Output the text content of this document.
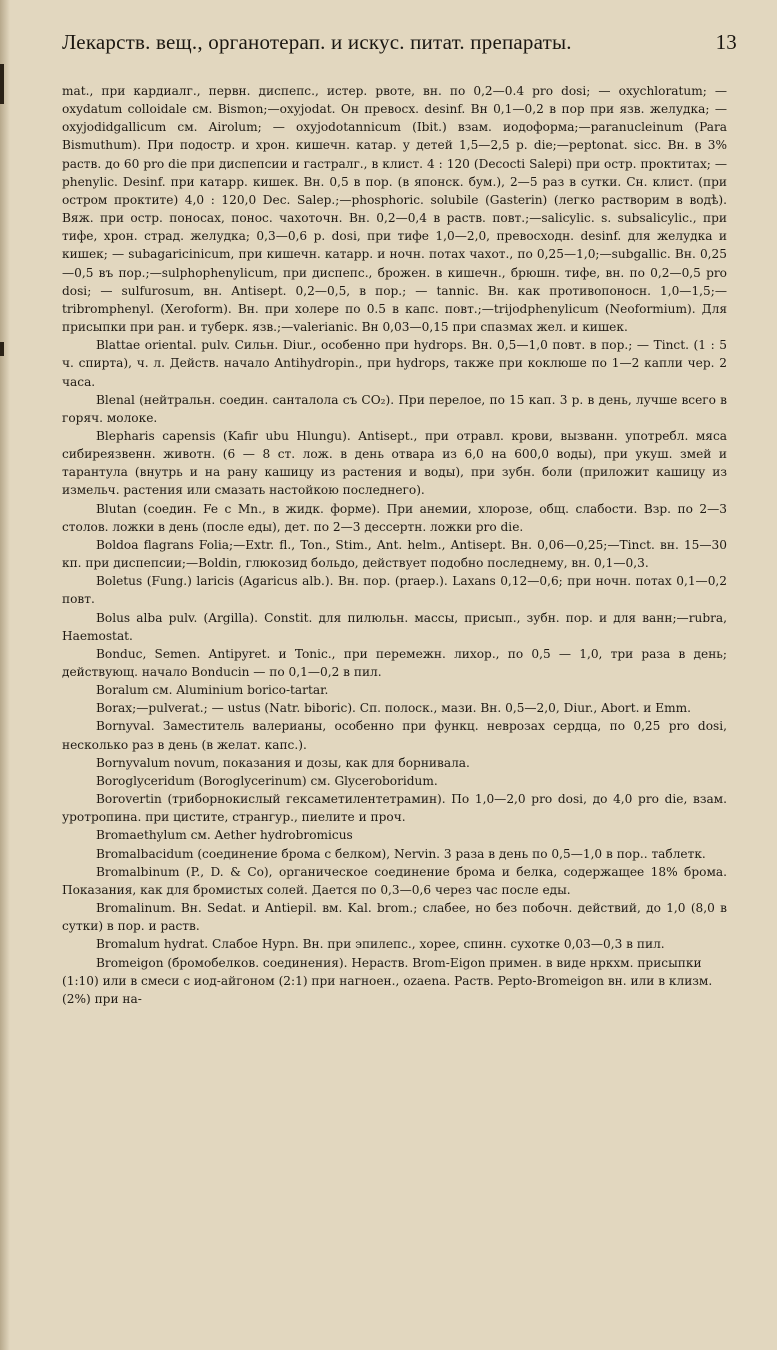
Лекарств. вещ., органотерап. и искус. питат. препараты.	13

mat., при кардиалг., первн. диспепс., истер. рвоте, вн. по 0,2—0.4 pro dosi; — oxychloratum; — oxydatum colloidale см. Bismon;—oxyjodat. Он превосх. desinf. Вн 0,1—0,2 в пор при язв. желудка; — oxyjodidgallicum см. Airolum; — oxyjodotannicum (Ibit.) взам. иодоформа;—paranucleinum (Para Bismuthum). При подостр. и хрон. кишечн. катар. у детей 1,5—2,5 р. die;—peptonat. sicc. Вн. в 3% раств. до 60 pro die при диспепсии и гастралг., в клист. 4 : 120 (Decocti Salepi) при остр. проктитах; — phenylic. Desinf. при катарр. кишек. Вн. 0,5 в пор. (в японск. бум.), 2—5 раз в сутки. Сн. клист. (при остром проктите) 4,0 : 120,0 Dec. Salep.;—phosphoric. solubile (Gasterin) (легко растворим в водѣ). Вяж. при остр. поносах, понос. чахоточн. Вн. 0,2—0,4 в раств. повт.;—salicylic. s. subsalicylic., при тифе, хрон. страд. желудка; 0,3—0,6 р. dosi, при тифе 1,0—2,0, превосходн. desinf. для желудка и кишек; — subagaricinicum, при кишечн. катарр. и ночн. потах чахот., по 0,25—1,0;—subgallic. Вн. 0,25—0,5 въ пор.;—sulphophenylicum, при диспепс., брожен. в кишечн., брюшн. тифе, вн. по 0,2—0,5 pro dosi; — sulfurosum, вн. Antisept. 0,2—0,5, в пор.; — tannic. Вн. как противопоносн. 1,0—1,5;—tribromphenyl. (Xeroform). Вн. при холере по 0.5 в капс. повт.;—trijodphenylicum (Neoformium). Для присыпки при ран. и туберк. язв.;—valerianic. Вн 0,03—0,15 при спазмах жел. и кишек.

Blattae oriental. pulv. Сильн. Diur., особенно при hydrops. Вн. 0,5—1,0 повт. в пор.; — Tinct. (1 : 5 ч. спирта), ч. л. Действ. начало Antihydropin., при hydrops, также при коклюше по 1—2 капли чер. 2 часа.

Blenal (нейтральн. соедин. санталола съ CO₂). При перелое, по 15 кап. 3 р. в день, лучше всего в горяч. молоке.

Blepharis capensis (Kafir ubu Hlungu). Antisept., при отравл. крови, вызванн. употребл. мяса сибиреязвенн. животн. (6 — 8 ст. лож. в день отвара из 6,0 на 600,0 воды), при укуш. змей и тарантула (внутрь и на рану кашицу из растения и воды), при зубн. боли (приложит кашицу из измельч. растения или смазать настойкою последнего).

Blutan (соедин. Fe с Mn., в жидк. форме). При анемии, хлорозе, общ. слабости. Взр. по 2—3 столов. ложки в день (после еды), дет. по 2—3 дессертн. ложки pro die.

Boldoa flagrans Folia;—Extr. fl., Ton., Stim., Ant. helm., Antisept. Вн. 0,06—0,25;—Tinct. вн. 15—30 кп. при диспепсии;—Boldin, глюкозид больдо, действует подобно последнему, вн. 0,1—0,3.

Boletus (Fung.) laricis (Agaricus alb.). Вн. пор. (praep.). Laxans 0,12—0,6; при ночн. потах 0,1—0,2 повт.

Bolus alba pulv. (Argilla). Constit. для пилюльн. массы, присып., зубн. пор. и для ванн;—rubra, Haemostat.

Bonduc, Semen. Antipyret. и Tonic., при перемежн. лихор., по 0,5 — 1,0, три раза в день; действующ. начало Bonducin — по 0,1—0,2 в пил.

Boralum см. Aluminium borico-tartar.

Borax;—pulverat.; — ustus (Natr. biboric). Сп. полоск., мази. Вн. 0,5—2,0, Diur., Abort. и Emm.

Bornyval. Заместитель валерианы, особенно при функц. неврозах сердца, по 0,25 pro dosi, несколько раз в день (в желат. капс.).

Bornyvalum novum, показания и дозы, как для борнивала.

Boroglyceridum (Boroglycerinum) см. Glyceroboridum.

Borovertin (триборнокислый гексаметилентетрамин). По 1,0—2,0 pro dosi, до 4,0 pro die, взам. уротропина. при циститe, странгур., пиелите и проч.

Bromaethylum см. Aether hydrobromicus

Bromalbacidum (соединение брома с белком), Nervin. 3 раза в день по 0,5—1,0 в пор.. таблетк.

Bromalbinum (P., D. & Co), органическое соединение брома и белка, содержащее 18% брома. Показания, как для бромистых солей. Дается по 0,3—0,6 через час после еды.

Bromalinum. Вн. Sedat. и Antiepil. вм. Kal. brom.; слабее, но без побочн. действий, до 1,0 (8,0 в сутки) в пор. и раств.

Bromalum hydrat. Слабое Hypn. Вн. при эпилепс., хорее, спинн. сухотке 0,03—0,3 в пил.

Bromeigon (бромобелков. соединения). Нераств. Brom-Eigon примен. в виде нркхм. присыпки (1:10) или в смеси с иод-айгоном (2:1) при нагноен., ozaena. Раств. Pepto-Bromeigon вн. или в клизм. (2%) при на-
